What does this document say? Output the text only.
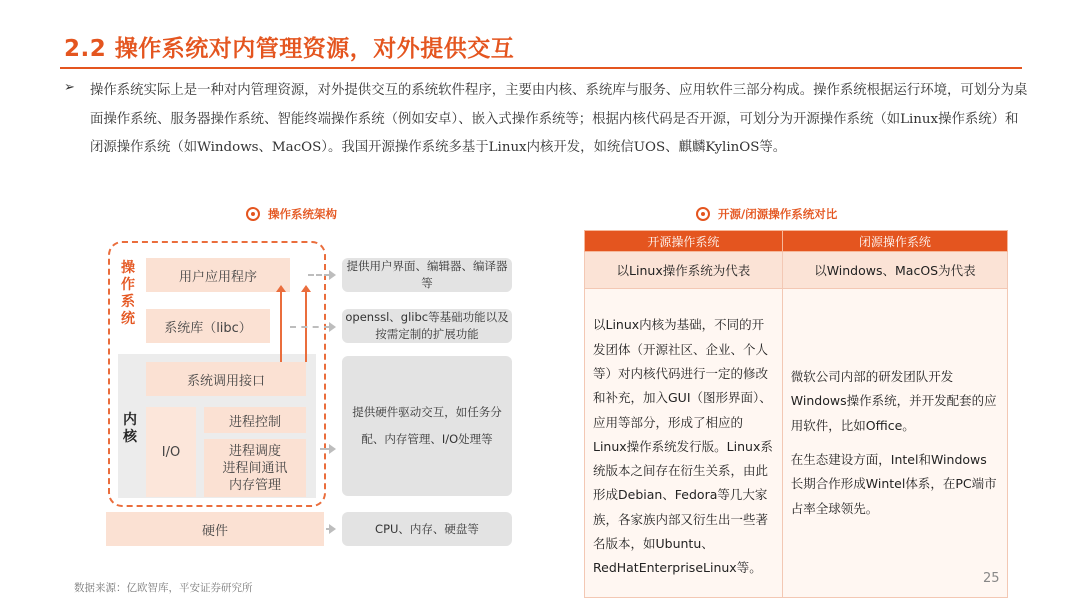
2.2 操作系统对内管理资源，对外提供交互
➢ 操作系统实际上是一种对内管理资源，对外提供交互的系统软件程序，主要由内核、系统库与服务、应用软件三部分构成。操作系统根据运行环境，可划分为桌面操作系统、服务器操作系统、智能终端操作系统（例如安卓）、嵌入式操作系统等；根据内核代码是否开源，可划分为开源操作系统（如Linux操作系统）和闭源操作系统（如Windows、MacOS）。我国开源操作系统多基于Linux内核开发，如统信UOS、麒麟KylinOS等。

操作系统架构
操作系统
内核
用户应用程序
系统库（libc）
系统调用接口
I/O
进程控制
进程调度
进程间通讯
内存管理
硬件
提供用户界面、编辑器、编译器等
openssl、glibc等基础功能以及按需定制的扩展功能
提供硬件驱动交互，如任务分配、内存管理、I/O处理等
CPU、内存、硬盘等
开源/闭源操作系统对比
开源操作系统	闭源操作系统
以Linux操作系统为代表	以Windows、MacOS为代表
以Linux内核为基础，不同的开发团体（开源社区、企业、个人等）对内核代码进行一定的修改和补充，加入GUI（图形界面）、应用等部分，形成了相应的Linux操作系统发行版。Linux系统版本之间存在衍生关系，由此形成Debian、Fedora等几大家族，各家族内部又衍生出一些著名版本，如Ubuntu、RedHatEnterpriseLinux等。	微软公司内部的研发团队开发Windows操作系统，并开发配套的应用软件，比如Office。

在生态建设方面，Intel和Windows长期合作形成Wintel体系，在PC端市占率全球领先。

数据来源：亿欧智库，平安证券研究所
25
